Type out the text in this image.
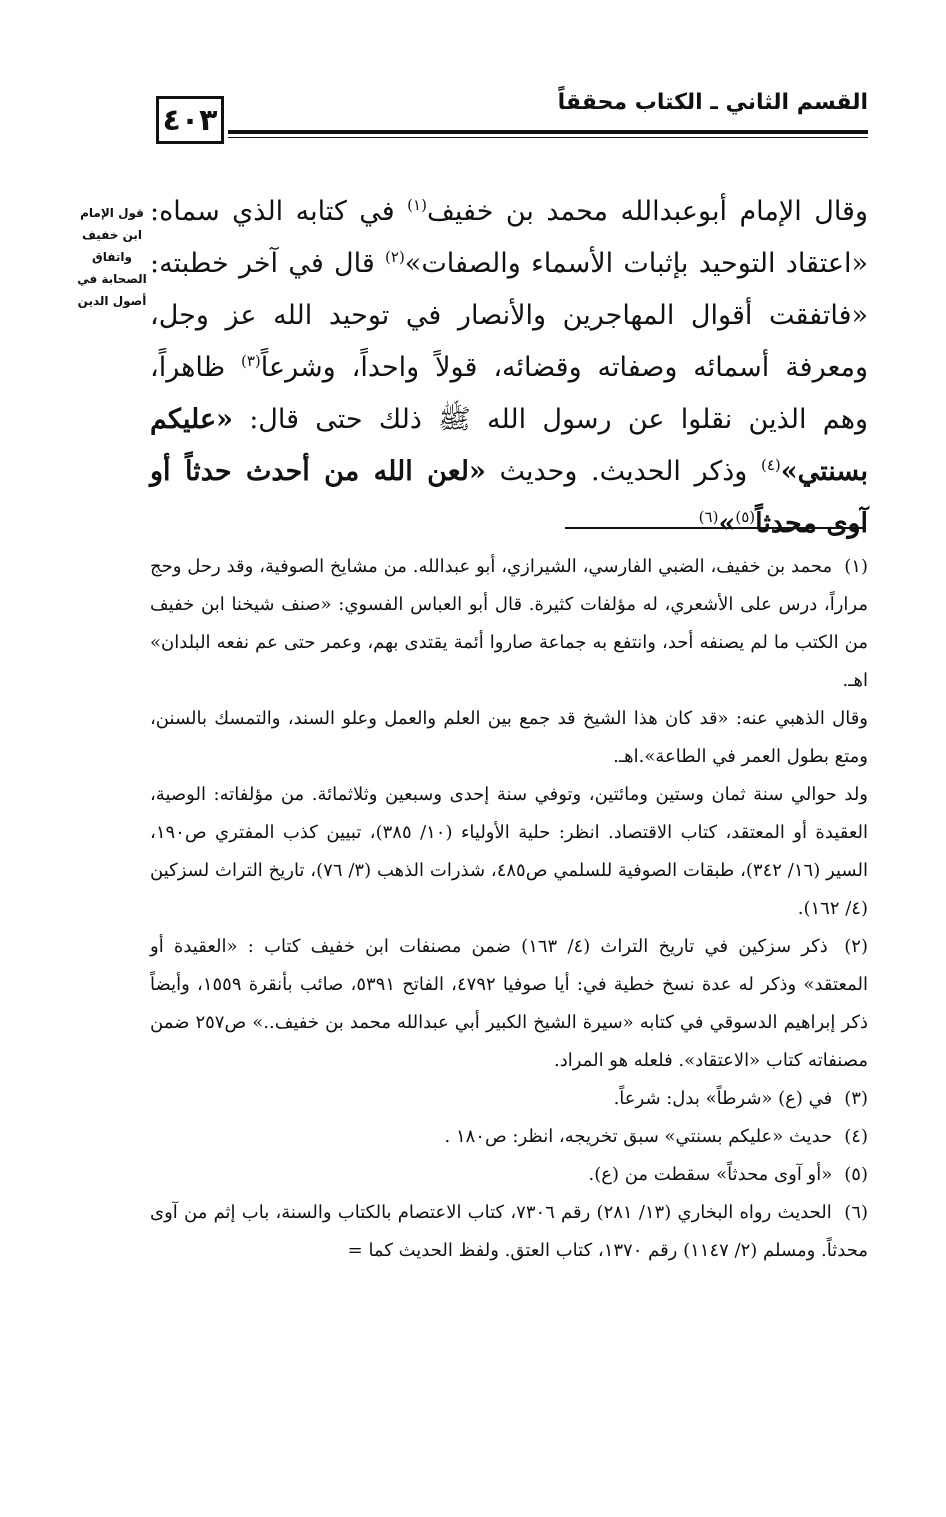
٤٠٣	القسم الثاني ـ الكتاب محققاً
قول الإمام ابن خفيف واتفاق الصحابة في أصول الدين

وقال الإمام أبوعبدالله محمد بن خفيف$^{(١)}$ في كتابه الذي سماه: «اعتقاد التوحيد بإثبات الأسماء والصفات»$^{(٢)}$ قال في آخر خطبته: «فاتفقت أقوال المهاجرين والأنصار في توحيد الله عز وجل، ومعرفة أسمائه وصفاته وقضائه، قولاً واحداً، وشرعاً$^{(٣)}$ ظاهراً، وهم الذين نقلوا عن رسول الله ﷺ ذلك حتى قال: «عليكم بسنتي»$^{(٤)}$ وذكر الحديث. وحديث «لعن الله من أحدث حدثاً أو آوى محدثاً$^{(٥)}$»$^{(٦)}$

(١) محمد بن خفيف، الضبي الفارسي، الشيرازي، أبو عبدالله. من مشايخ الصوفية، وقد رحل وحج مراراً، درس على الأشعري، له مؤلفات كثيرة. قال أبو العباس الفسوي: «صنف شيخنا ابن خفيف من الكتب ما لم يصنفه أحد، وانتفع به جماعة صاروا أئمة يقتدى بهم، وعمر حتى عم نفعه البلدان» اهـ.

وقال الذهبي عنه: «قد كان هذا الشيخ قد جمع بين العلم والعمل وعلو السند، والتمسك بالسنن، ومتع بطول العمر في الطاعة».اهـ.

ولد حوالي سنة ثمان وستين ومائتين، وتوفي سنة إحدى وسبعين وثلاثمائة. من مؤلفاته: الوصية، العقيدة أو المعتقد، كتاب الاقتصاد. انظر: حلية الأولياء (١٠/ ٣٨٥)، تبيين كذب المفتري ص١٩٠، السير (١٦/ ٣٤٢)، طبقات الصوفية للسلمي ص٤٨٥، شذرات الذهب (٣/ ٧٦)، تاريخ التراث لسزكين (٤/ ١٦٢).

(٢) ذكر سزكين في تاريخ التراث (٤/ ١٦٣) ضمن مصنفات ابن خفيف كتاب : «العقيدة أو المعتقد» وذكر له عدة نسخ خطية في: أيا صوفيا ٤٧٩٢، الفاتح ٥٣٩١، صائب بأنقرة ١٥٥٩، وأيضاً ذكر إبراهيم الدسوقي في كتابه «سيرة الشيخ الكبير أبي عبدالله محمد بن خفيف..» ص٢٥٧ ضمن مصنفاته كتاب «الاعتقاد». فلعله هو المراد.

(٣) في (ع) «شرطاً» بدل: شرعاً.

(٤) حديث «عليكم بسنتي» سبق تخريجه، انظر: ص١٨٠ .

(٥) «أو آوى محدثاً» سقطت من (ع).

(٦) الحديث رواه البخاري (١٣/ ٢٨١) رقم ٧٣٠٦، كتاب الاعتصام بالكتاب والسنة، باب إثم من آوى محدثاً. ومسلم (٢/ ١١٤٧) رقم ١٣٧٠، كتاب العتق. ولفظ الحديث كما =
